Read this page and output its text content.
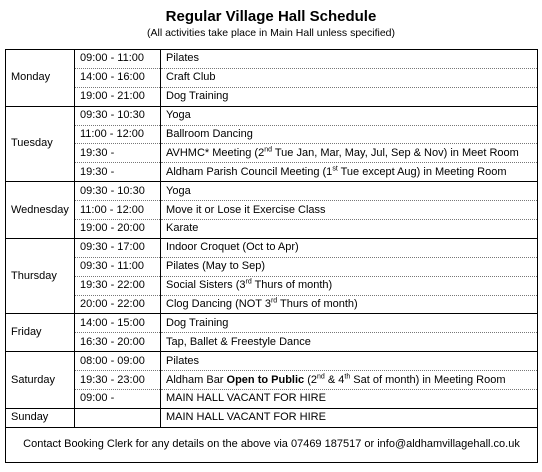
Regular Village Hall Schedule
(All activities take place in Main Hall unless specified)
Monday	09:00 - 11:00	Pilates
	14:00 - 16:00	Craft Club
	19:00 - 21:00	Dog Training
Tuesday	09:30 - 10:30	Yoga
	11:00 - 12:00	Ballroom Dancing
	19:30 -	AVHMC* Meeting (2nd Tue Jan, Mar, May, Jul, Sep & Nov) in Meet Room
	19:30 -	Aldham Parish Council Meeting (1st Tue except Aug) in Meeting Room
Wednesday	09:30 - 10:30	Yoga
	11:00 - 12:00	Move it or Lose it Exercise Class
	19:00 - 20:00	Karate
Thursday	09:30 - 17:00	Indoor Croquet (Oct to Apr)
	09:30 - 11:00	Pilates (May to Sep)
	19:30 - 22:00	Social Sisters (3rd Thurs of month)
	20:00 - 22:00	Clog Dancing (NOT 3rd Thurs of month)
Friday	14:00 - 15:00	Dog Training
	16:30 - 20:00	Tap, Ballet & Freestyle Dance
Saturday	08:00 - 09:00	Pilates
	19:30 - 23:00	Aldham Bar Open to Public (2nd & 4th Sat of month) in Meeting Room
	09:00 -	MAIN HALL VACANT FOR HIRE
Sunday		MAIN HALL VACANT FOR HIRE
Contact Booking Clerk for any details on the above via 07469 187517 or info@aldhamvillagehall.co.uk		
